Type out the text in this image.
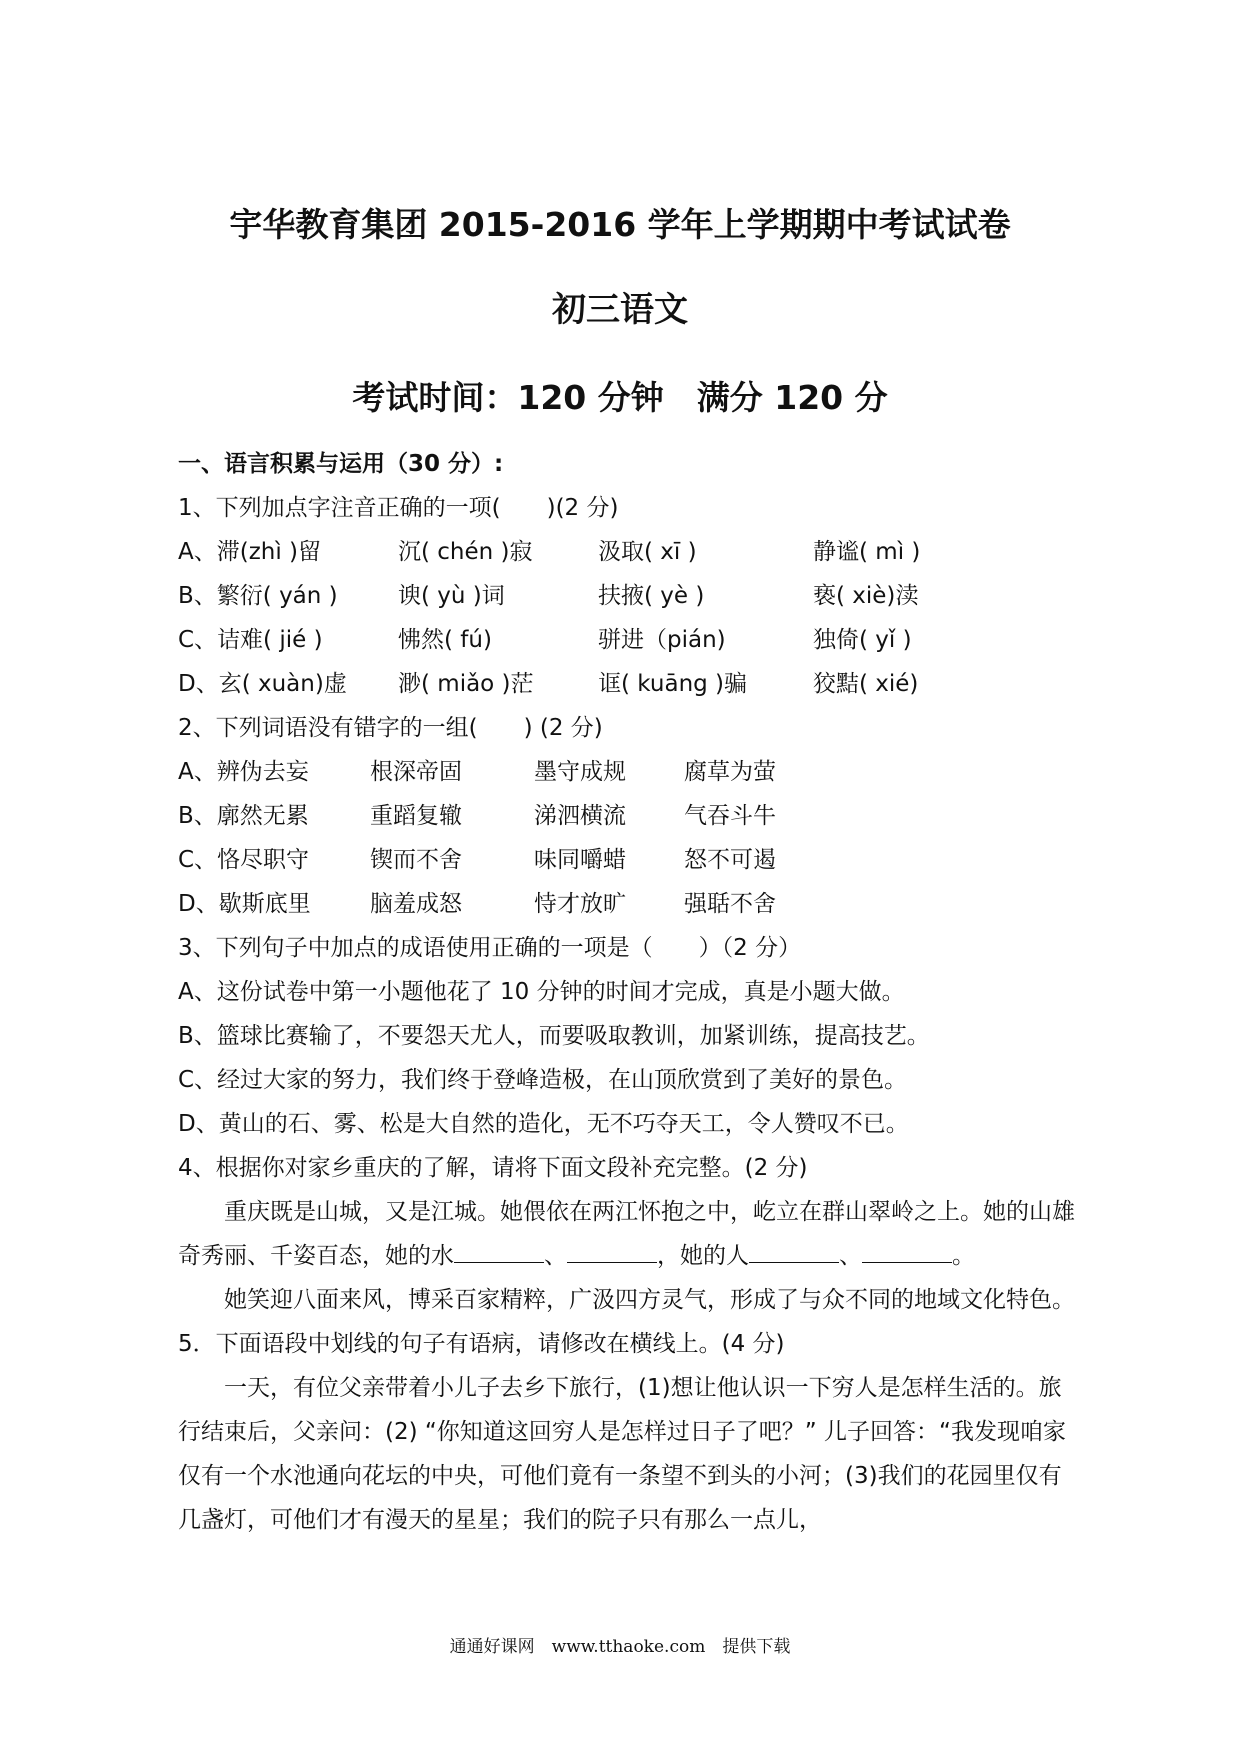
宇华教育集团 2015-2016 学年上学期期中考试试卷
初三语文
考试时间：120 分钟　满分 120 分

一、语言积累与运用（30 分）:

1、下列加点字注音正确的一项(　　)(2 分)

A、滞(zhì )留	沉( chén )寂	汲取( xī )	静谧( mì )
B、繁衍( yán )	谀( yù )词	扶掖( yè )	亵( xiè)渎
C、诘难( jié )	怫然( fú)	骈进（pián)	独倚( yǐ )
D、玄( xuàn)虚	渺( miǎo )茫	诓( kuāng )骗	狡黠( xié)

2、下列词语没有错字的一组(　　) (2 分)

A、辨伪去妄	根深帝固	墨守成规	腐草为萤
B、廓然无累	重蹈复辙	涕泗横流	气吞斗牛
C、恪尽职守	锲而不舍	味同嚼蜡	怒不可遏
D、歇斯底里	脑羞成怒	恃才放旷	强聒不舍

3、下列句子中加点的成语使用正确的一项是（　　）（2 分）

A、这份试卷中第一小题他花了 10 分钟的时间才完成，真是小题大做。

B、篮球比赛输了，不要怨天尤人，而要吸取教训，加紧训练，提高技艺。

C、经过大家的努力，我们终于登峰造极，在山顶欣赏到了美好的景色。

D、黄山的石、雾、松是大自然的造化，无不巧夺天工，令人赞叹不已。

4、根据你对家乡重庆的了解，请将下面文段补充完整。(2 分)

重庆既是山城，又是江城。她偎依在两江怀抱之中，屹立在群山翠岭之上。她的山雄奇秀丽、千姿百态，她的水	、	，她的人	、	。

她笑迎八面来风，博采百家精粹，广汲四方灵气，形成了与众不同的地域文化特色。

5．下面语段中划线的句子有语病，请修改在横线上。(4 分)

一天，有位父亲带着小儿子去乡下旅行，(1)想让他认识一下穷人是怎样生活的。旅行结束后，父亲问：(2) “你知道这回穷人是怎样过日子了吧？” 儿子回答：“我发现咱家仅有一个水池通向花坛的中央，可他们竟有一条望不到头的小河；(3)我们的花园里仅有几盏灯，可他们才有漫天的星星；我们的院子只有那么一点儿，

通通好课网　www.tthaoke.com　提供下载
